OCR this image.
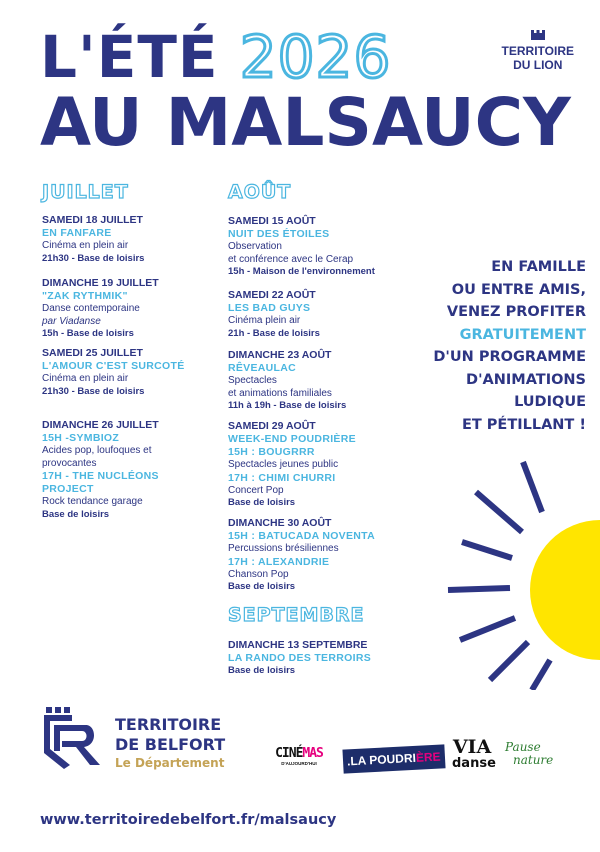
L'ÉTÉ 2026
AU MALSAUCY
TERRITOIRE
DU LION
JUILLET
SAMEDI 18 JUILLET
EN FANFARE
Cinéma en plein air
21h30 - Base de loisirs
DIMANCHE 19 JUILLET
"ZAK RYTHMIK"
Danse contemporaine
par Viadanse
15h - Base de loisirs
SAMEDI 25 JUILLET
L'AMOUR C'EST SURCOTÉ
Cinéma en plein air
21h30 - Base de loisirs
DIMANCHE 26 JUILLET
15H -SYMBIOZ
Acides pop, loufoques et
provocantes
17H - THE NUCLÉONS
PROJECT
Rock tendance garage
Base de loisirs
AOÛT
SAMEDI 15 AOÛT
NUIT DES ÉTOILES
Observation
et conférence avec le Cerap
15h - Maison de l'environnement
SAMEDI 22 AOÛT
LES BAD GUYS
Cinéma plein air
21h - Base de loisirs
DIMANCHE 23 AOÛT
RÊVEAULAC
Spectacles
et animations familiales
11h à 19h - Base de loisirs
SAMEDI 29 AOÛT
WEEK-END POUDRIÈRE
15H : BOUGRRR
Spectacles jeunes public
17H : CHIMI CHURRI
Concert Pop
Base de loisirs
DIMANCHE 30 AOÛT
15H : BATUCADA NOVENTA
Percussions brésiliennes
17H : ALEXANDRIE
Chanson Pop
Base de loisirs
SEPTEMBRE
DIMANCHE 13 SEPTEMBRE
LA RANDO DES TERROIRS
Base de loisirs
EN FAMILLE
OU ENTRE AMIS,
VENEZ PROFITER
GRATUITEMENT
D'UN PROGRAMME
D'ANIMATIONS
LUDIQUE
ET PÉTILLANT !
TERRITOIRE
DE BELFORT
Le Département
CINÉMAS
D'AUJOURD'HUI	.LA POUDRIÈRE VIA
danse
Pause
nature
www.territoiredebelfort.fr/malsaucy
